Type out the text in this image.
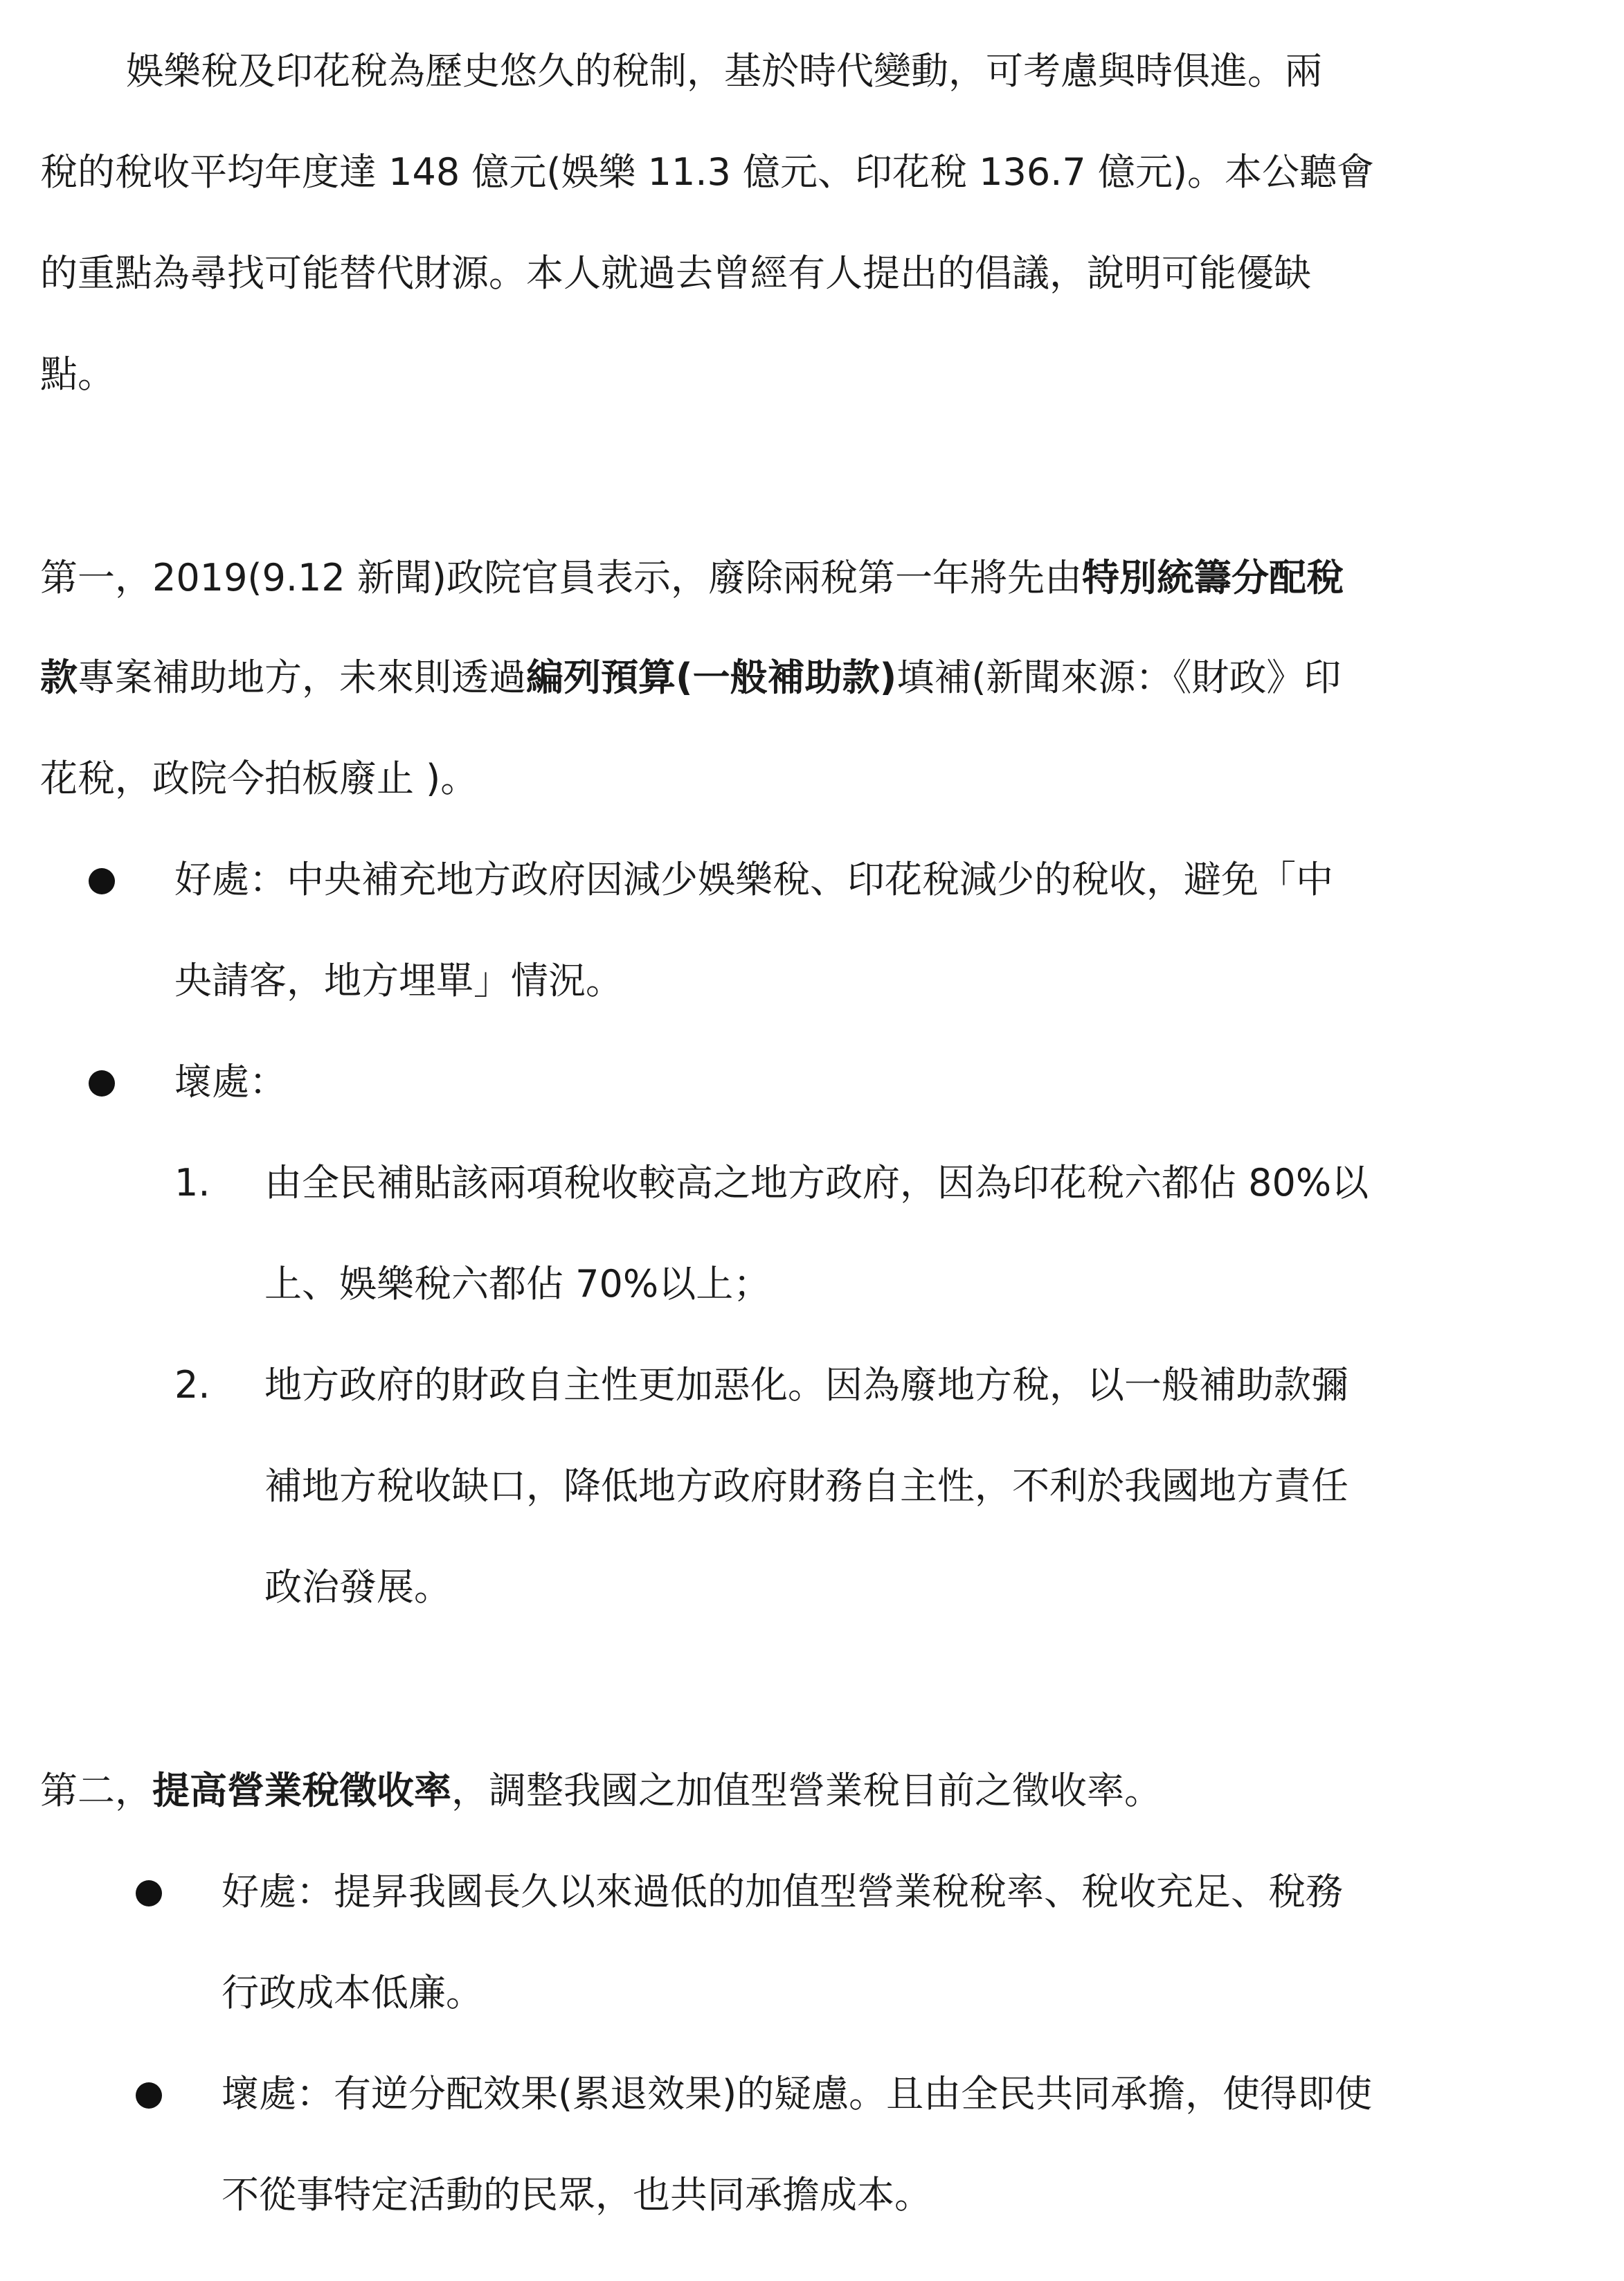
娛樂稅及印花稅為歷史悠久的稅制，基於時代變動，可考慮與時俱進。兩
稅的稅收平均年度達 148 億元(娛樂 11.3 億元、印花稅 136.7 億元)。本公聽會
的重點為尋找可能替代財源。本人就過去曾經有人提出的倡議，說明可能優缺
點。
第一，2019(9.12 新聞)政院官員表示，廢除兩稅第一年將先由特別統籌分配稅
款專案補助地方，未來則透過編列預算(一般補助款)填補(新聞來源：《財政》印
花稅，政院今拍板廢止 )。
好處：中央補充地方政府因減少娛樂稅、印花稅減少的稅收，避免「中
央請客，地方埋單」情況。
壞處：
1. 由全民補貼該兩項稅收較高之地方政府，因為印花稅六都佔 80%以
上、娛樂稅六都佔 70%以上；
2. 地方政府的財政自主性更加惡化。因為廢地方稅，以一般補助款彌
補地方稅收缺口，降低地方政府財務自主性，不利於我國地方責任
政治發展。
第二，提高營業稅徵收率，調整我國之加值型營業稅目前之徵收率。
好處：提昇我國長久以來過低的加值型營業稅稅率、稅收充足、稅務
行政成本低廉。
壞處：有逆分配效果(累退效果)的疑慮。且由全民共同承擔，使得即使
不從事特定活動的民眾，也共同承擔成本。
